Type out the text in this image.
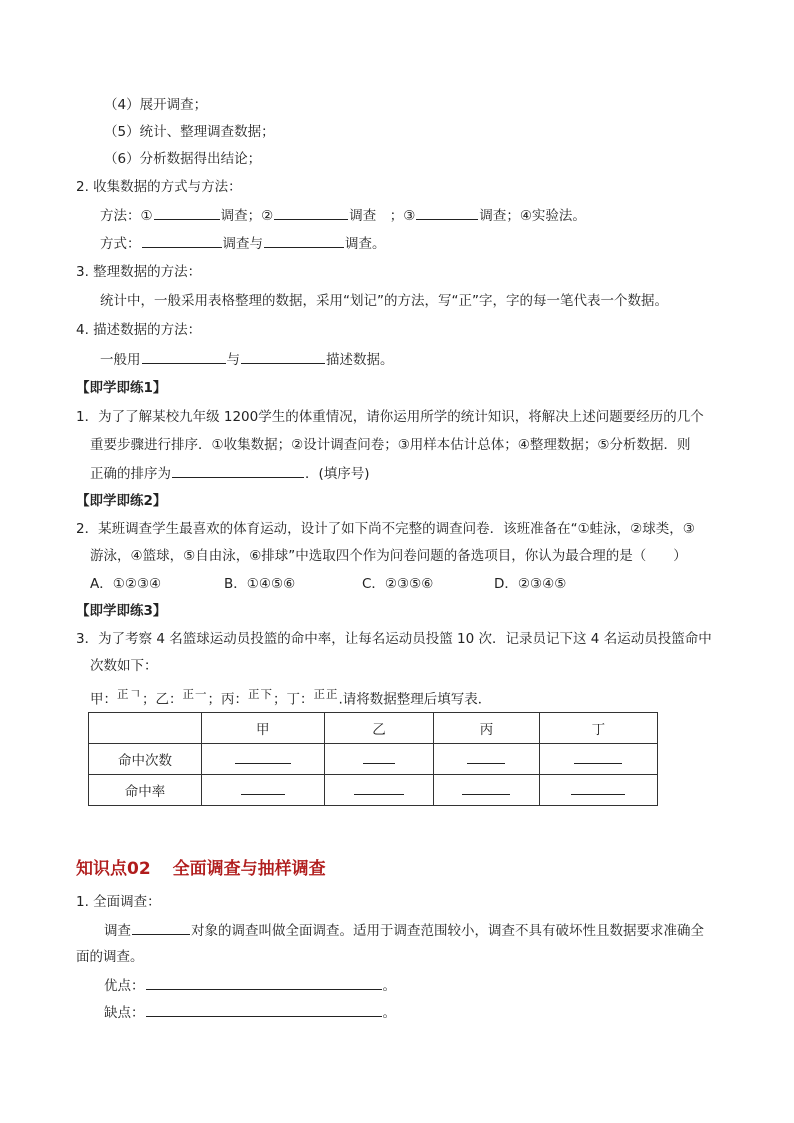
（4）展开调查；
（5）统计、整理调查数据；
（6）分析数据得出结论；
2. 收集数据的方式与方法：
方法：①	调查；②	调查　；③	调查；④实验法。
方式：	调查与	调查。
3. 整理数据的方法：
统计中，一般采用表格整理的数据，采用“划记”的方法，写“正”字，字的每一笔代表一个数据。
4. 描述数据的方法：
一般用	与	描述数据。
【即学即练1】
1．为了了解某校九年级 1200学生的体重情况，请你运用所学的统计知识，将解决上述问题要经历的几个
重要步骤进行排序．①收集数据；②设计调查问卷；③用样本估计总体；④整理数据；⑤分析数据．则
正确的排序为	．(填序号)
【即学即练2】
2．某班调查学生最喜欢的体育运动，设计了如下尚不完整的调查问卷．该班准备在“①蛙泳，②球类，③
游泳，④篮球，⑤自由泳，⑥排球”中选取四个作为问卷问题的备选项目，你认为最合理的是（　　）
A．①②③④	B．①④⑤⑥	C．②③⑤⑥	D．②③④⑤
【即学即练3】
3．为了考察 4 名篮球运动员投篮的命中率，让每名运动员投篮 10 次．记录员记下这 4 名运动员投篮命中
次数如下：
甲：正𠃍；乙：正一；丙：正下；丁：正正.请将数据整理后填写表．
	甲	乙	丙	丁
命中次数				
命中率				
知识点02 全面调查与抽样调查
1. 全面调查：
调查	对象的调查叫做全面调查。适用于调查范围较小，调查不具有破坏性且数据要求准确全
面的调查。
优点：	。
缺点：	。
